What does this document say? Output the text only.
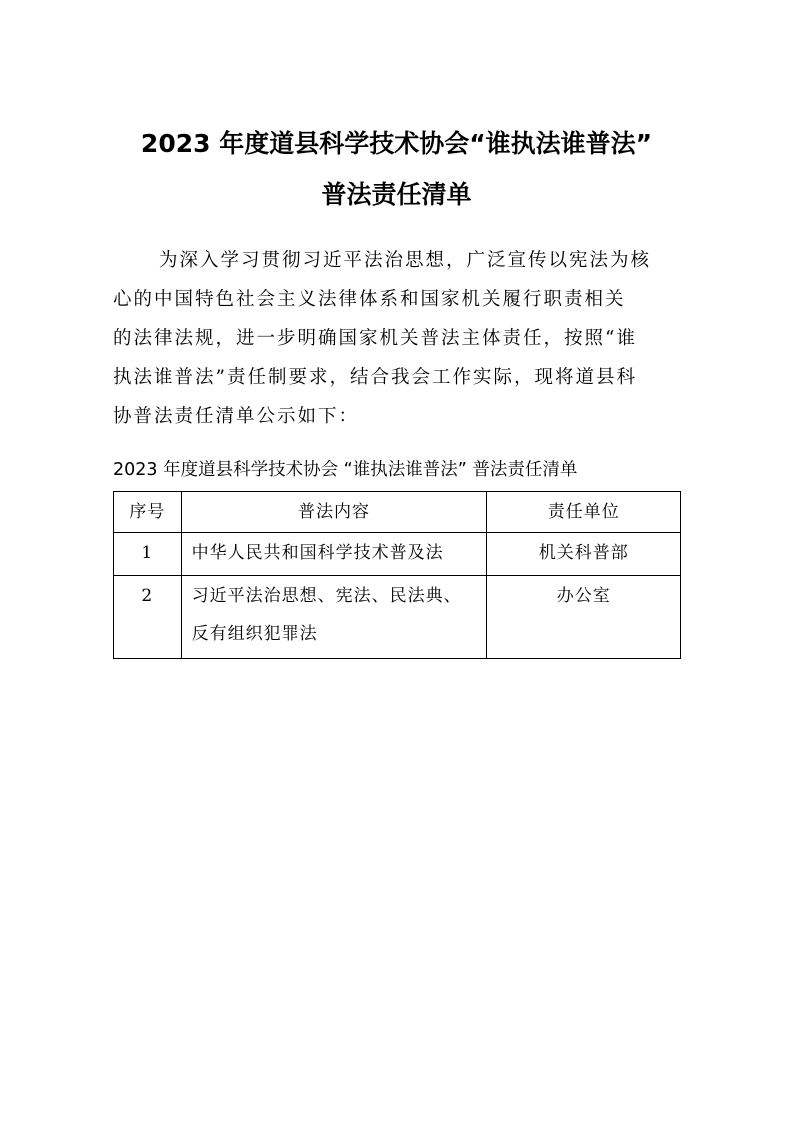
2023 年度道县科学技术协会“谁执法谁普法”
普法责任清单
为深入学习贯彻习近平法治思想，广泛宣传以宪法为核
心的中国特色社会主义法律体系和国家机关履行职责相关
的法律法规，进一步明确国家机关普法主体责任，按照“谁
执法谁普法”责任制要求，结合我会工作实际，现将道县科
协普法责任清单公示如下：
2023 年度道县科学技术协会 “谁执法谁普法” 普法责任清单
序号	普法内容	责任单位
1	中华人民共和国科学技术普及法	机关科普部
2	习近平法治思想、宪法、民法典、
反有组织犯罪法	办公室
